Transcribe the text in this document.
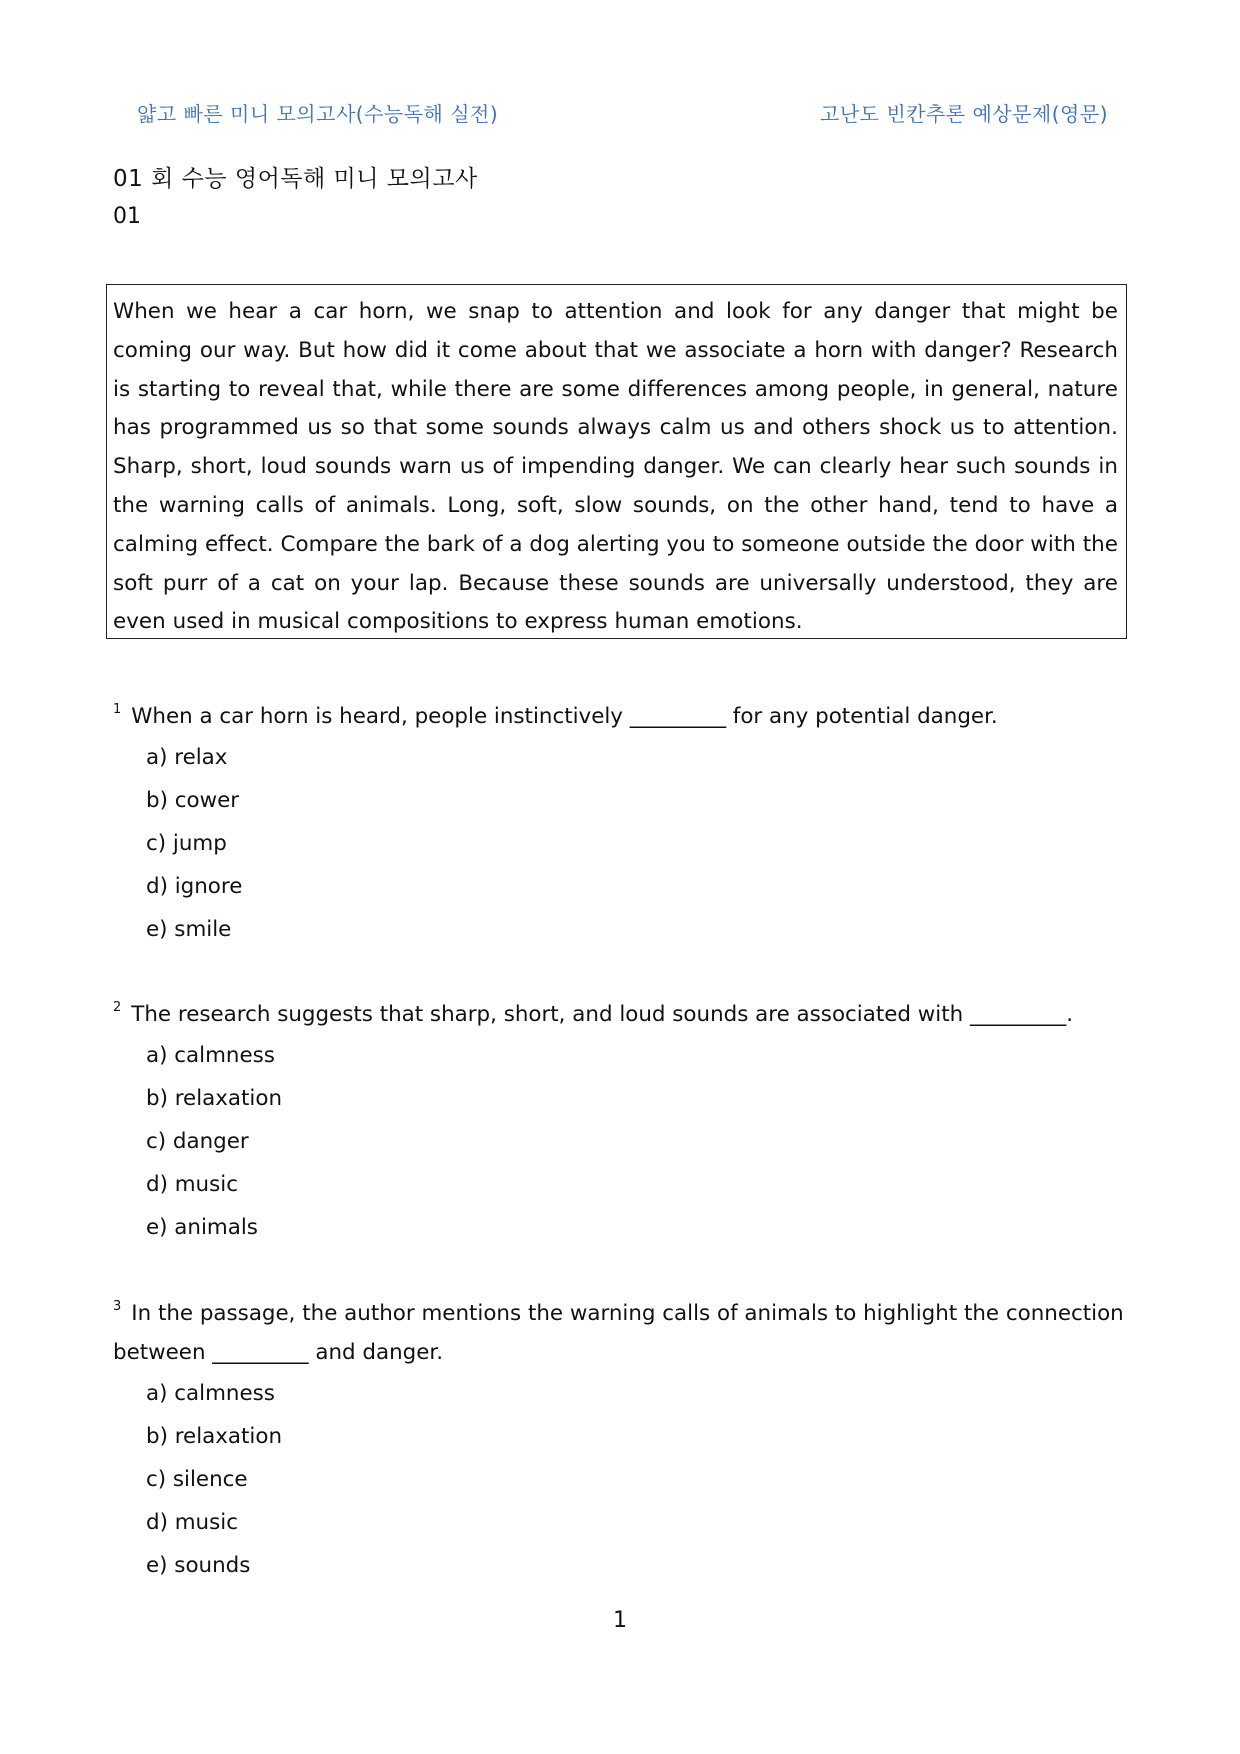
얇고 빠른 미니 모의고사(수능독해 실전)	고난도 빈칸추론 예상문제(영문)
01 회 수능 영어독해 미니 모의고사
01
When we hear a car horn, we snap to attention and look for any danger that might be coming our way. But how did it come about that we associate a horn with danger? Research is starting to reveal that, while there are some differences among people, in general, nature has programmed us so that some sounds always calm us and others shock us to attention. Sharp, short, loud sounds warn us of impending danger. We can clearly hear such sounds in the warning calls of animals. Long, soft, slow sounds, on the other hand, tend to have a calming effect. Compare the bark of a dog alerting you to someone outside the door with the soft purr of a cat on your lap. Because these sounds are universally understood, they are even used in musical compositions to express human emotions.
$^1$ When a car horn is heard, people instinctively _________ for any potential danger.
a) relax
b) cower
c) jump
d) ignore
e) smile
$^2$ The research suggests that sharp, short, and loud sounds are associated with _________.
a) calmness
b) relaxation
c) danger
d) music
e) animals
$^3$ In the passage, the author mentions the warning calls of animals to highlight the connection between _________ and danger.
a) calmness
b) relaxation
c) silence
d) music
e) sounds
1
